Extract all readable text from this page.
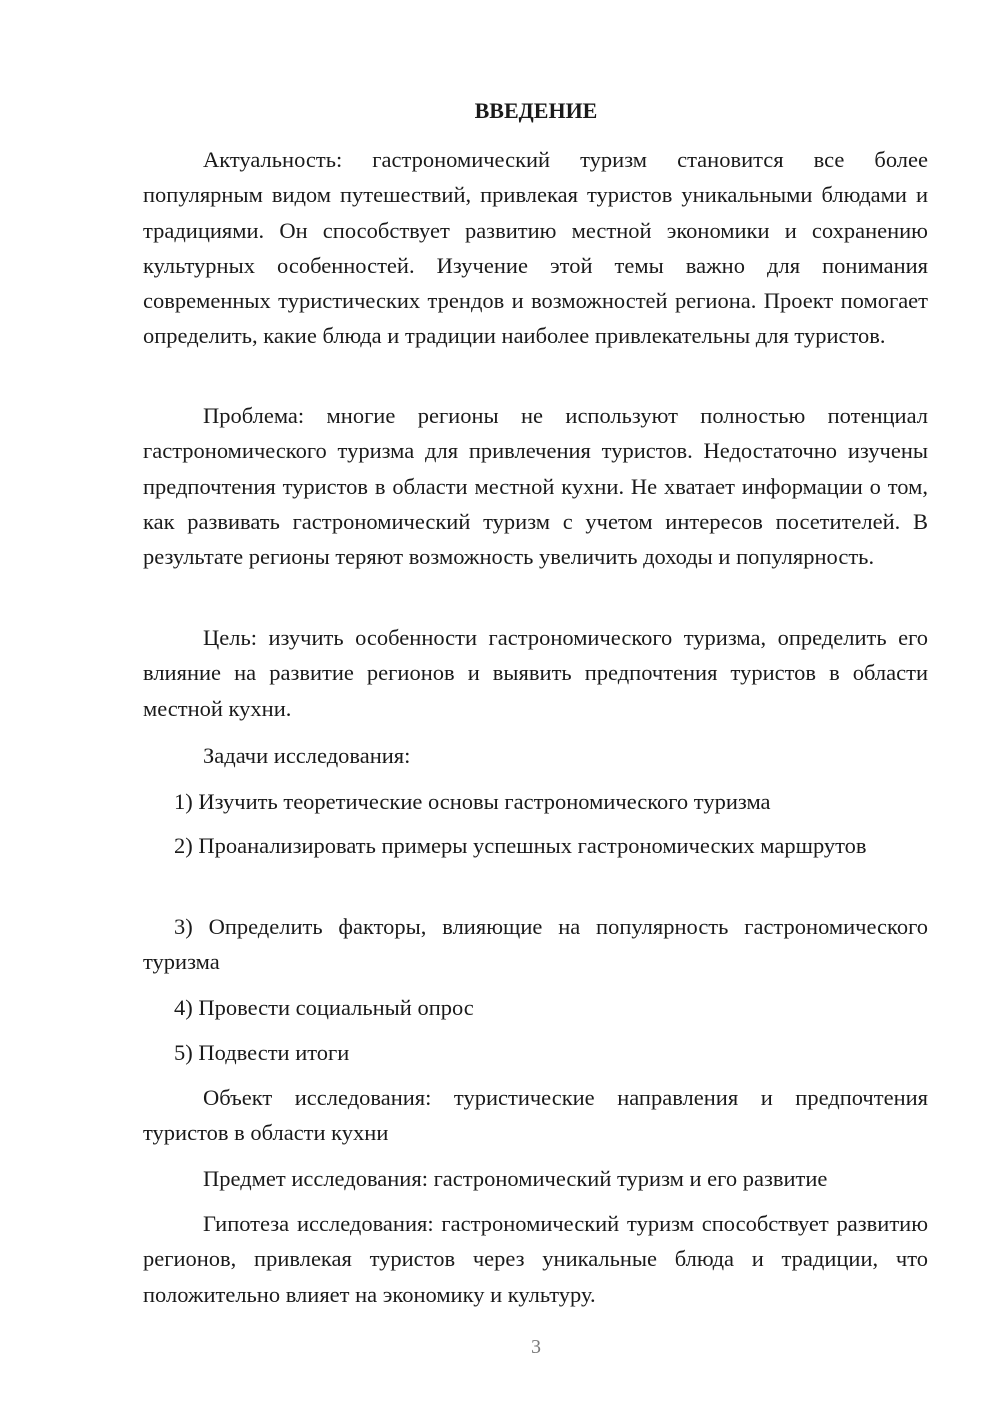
ВВЕДЕНИЕ

Актуальность: гастрономический туризм становится все более популярным видом путешествий, привлекая туристов уникальными блюдами и традициями. Он способствует развитию местной экономики и сохранению культурных особенностей. Изучение этой темы важно для понимания современных туристических трендов и возможностей региона. Проект помогает определить, какие блюда и традиции наиболее привлекательны для туристов.

Проблема: многие регионы не используют полностью потенциал гастрономического туризма для привлечения туристов. Недостаточно изучены предпочтения туристов в области местной кухни. Не хватает информации о том, как развивать гастрономический туризм с учетом интересов посетителей. В результате регионы теряют возможность увеличить доходы и популярность.

Цель: изучить особенности гастрономического туризма, определить его влияние на развитие регионов и выявить предпочтения туристов в области местной кухни.

Задачи исследования:

1) Изучить теоретические основы гастрономического туризма

2) Проанализировать примеры успешных гастрономических маршрутов

3) Определить факторы, влияющие на популярность гастрономического туризма

4) Провести социальный опрос

5) Подвести итоги

Объект исследования: туристические направления и предпочтения туристов в области кухни

Предмет исследования: гастрономический туризм и его развитие

Гипотеза исследования: гастрономический туризм способствует развитию регионов, привлекая туристов через уникальные блюда и традиции, что положительно влияет на экономику и культуру.

3
